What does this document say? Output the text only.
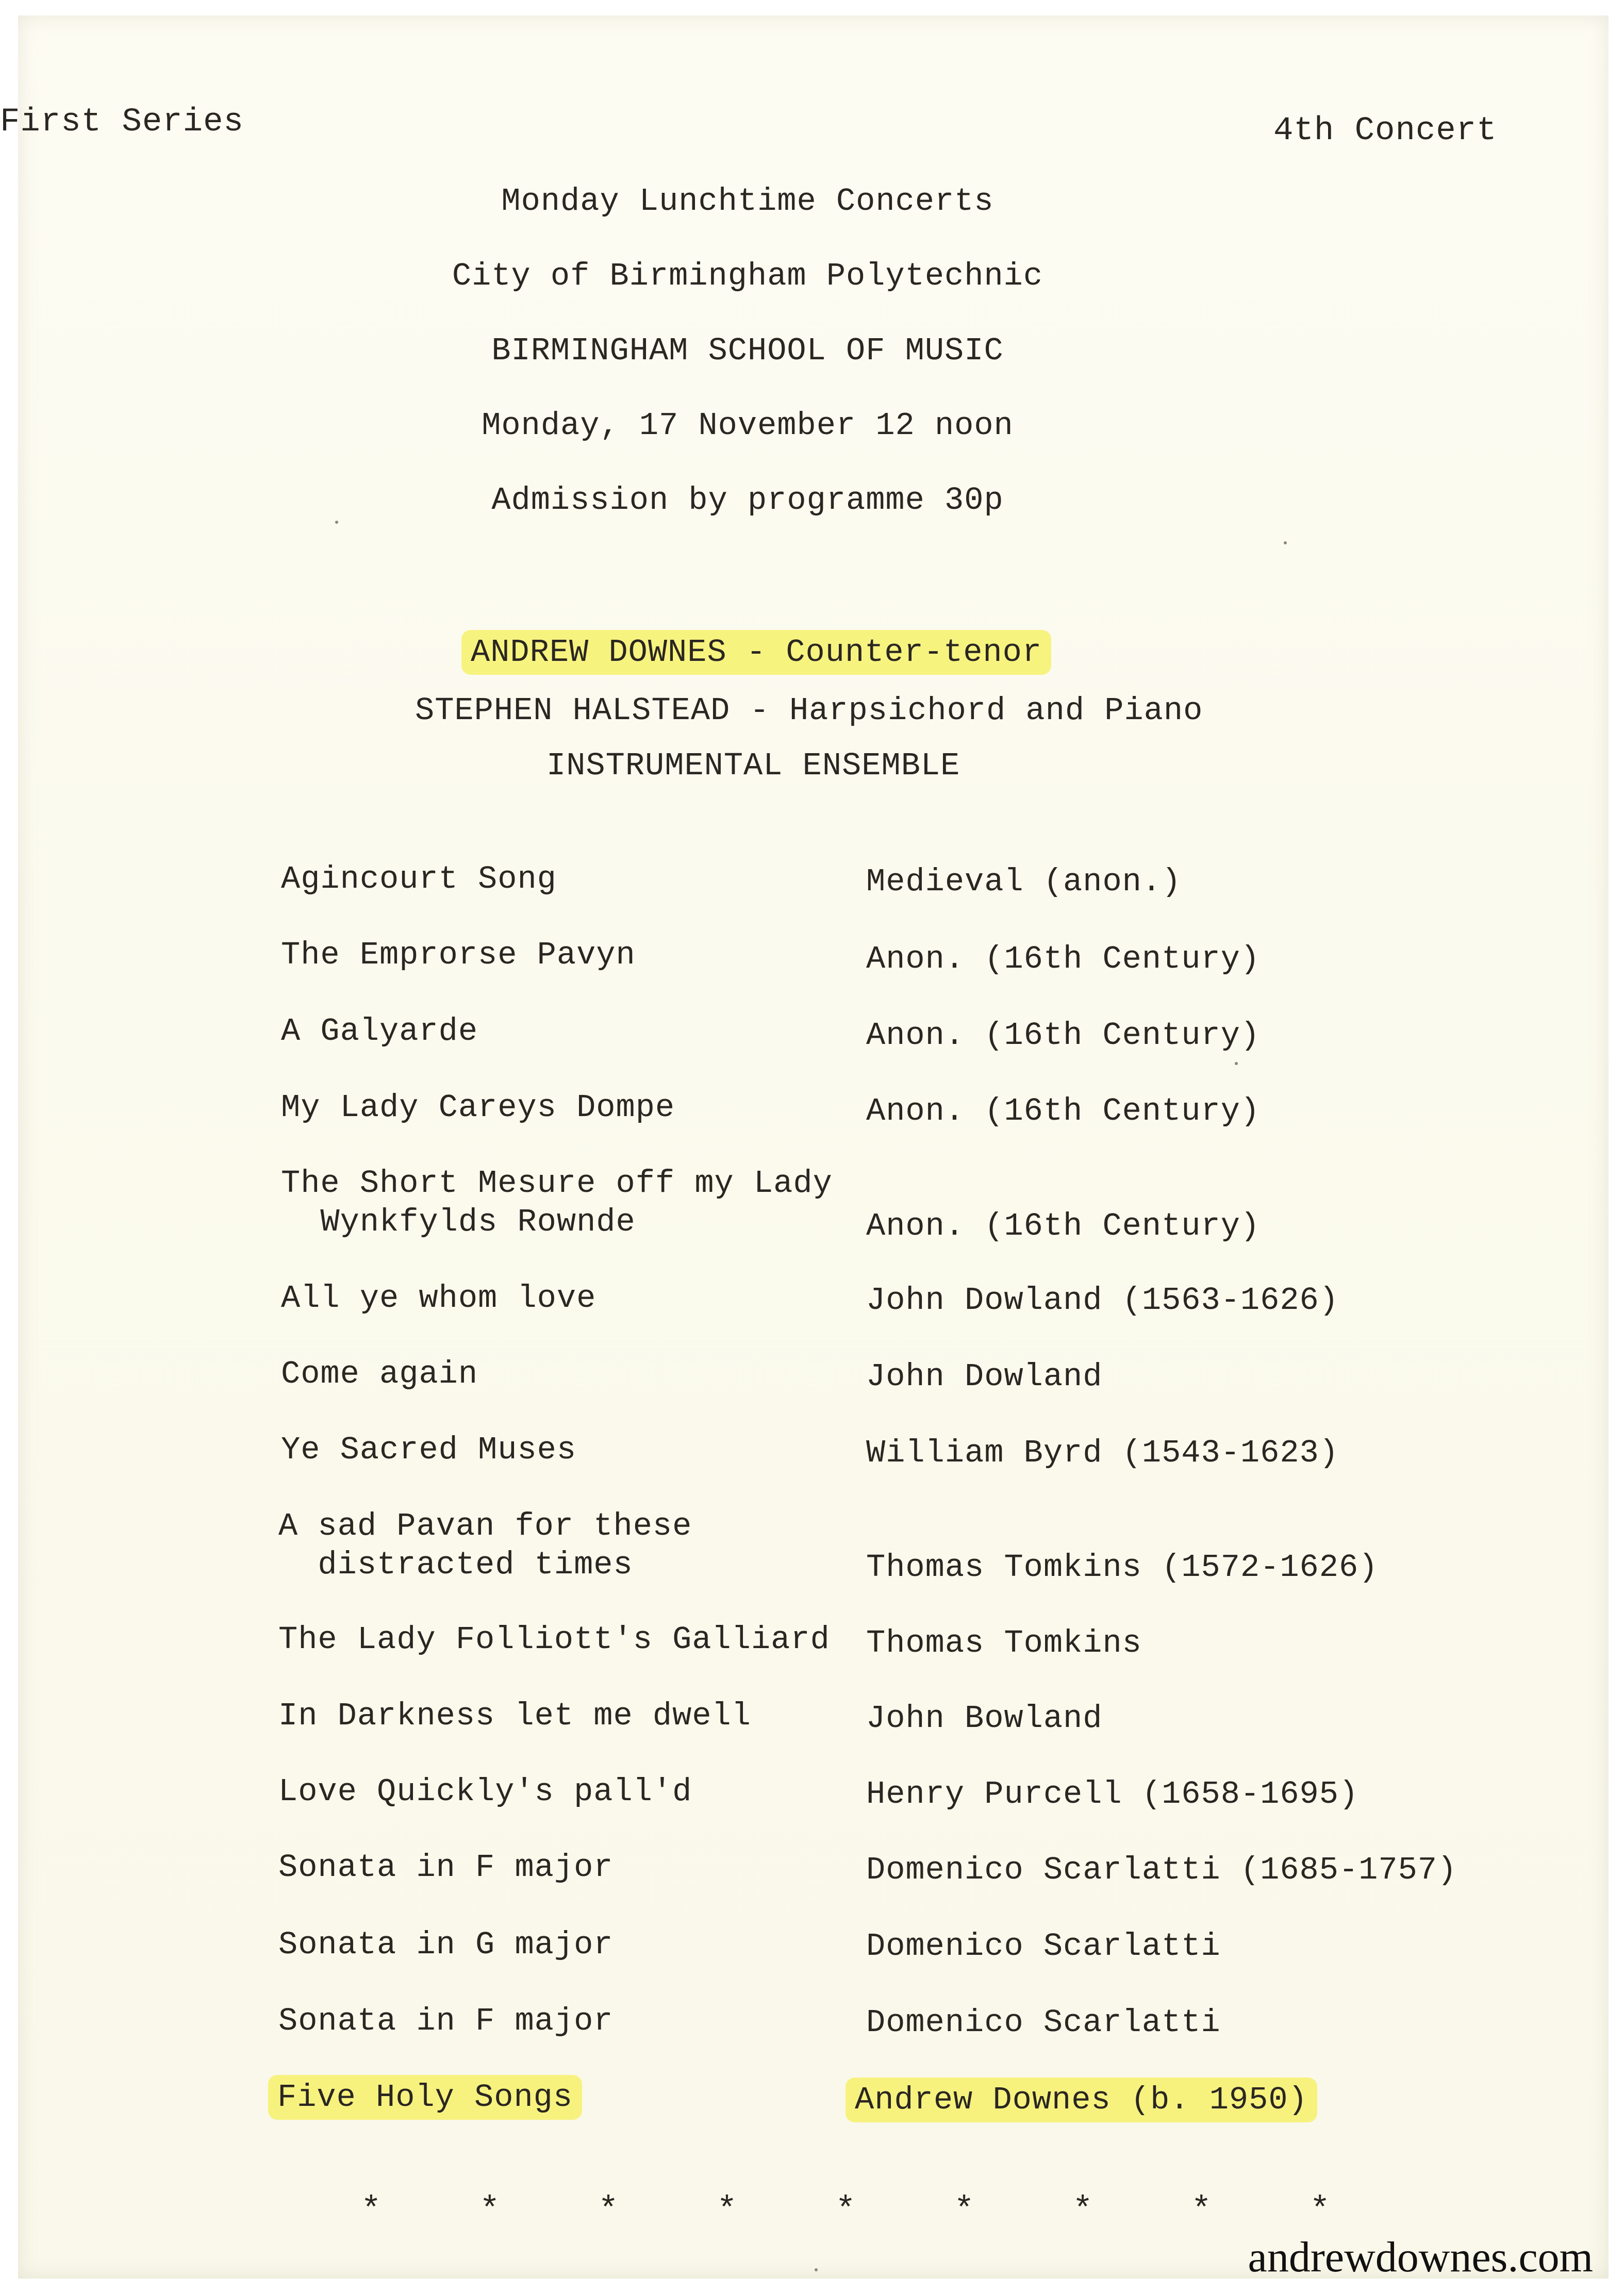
First Series	4th Concert
Monday Lunchtime Concerts
City of Birmingham Polytechnic
BIRMINGHAM SCHOOL OF MUSIC
Monday, 17 November 12 noon
Admission by programme 30p
ANDREW DOWNES - Counter-tenor
STEPHEN HALSTEAD - Harpsichord and Piano
INSTRUMENTAL ENSEMBLE
Agincourt Song	Medieval (anon.)
The Emprorse Pavyn	Anon. (16th Century)
A Galyarde	Anon. (16th Century)
My Lady Careys Dompe	Anon. (16th Century)
The Short Mesure off my Lady
Wynkfylds Rownde	Anon. (16th Century)
All ye whom love	John Dowland (1563-1626)
Come again	John Dowland
Ye Sacred Muses	William Byrd (1543-1623)
A sad Pavan for these
distracted times	Thomas Tomkins (1572-1626)
The Lady Folliott's Galliard Thomas Tomkins
In Darkness let me dwell	John Bowland
Love Quickly's pall'd	Henry Purcell (1658-1695)
Sonata in F major	Domenico Scarlatti (1685-1757)
Sonata in G major	Domenico Scarlatti
Sonata in F major	Domenico Scarlatti
Five Holy Songs	Andrew Downes (b. 1950)
*	*	*	*	*	*	*	*	*
andrewdownes.com
